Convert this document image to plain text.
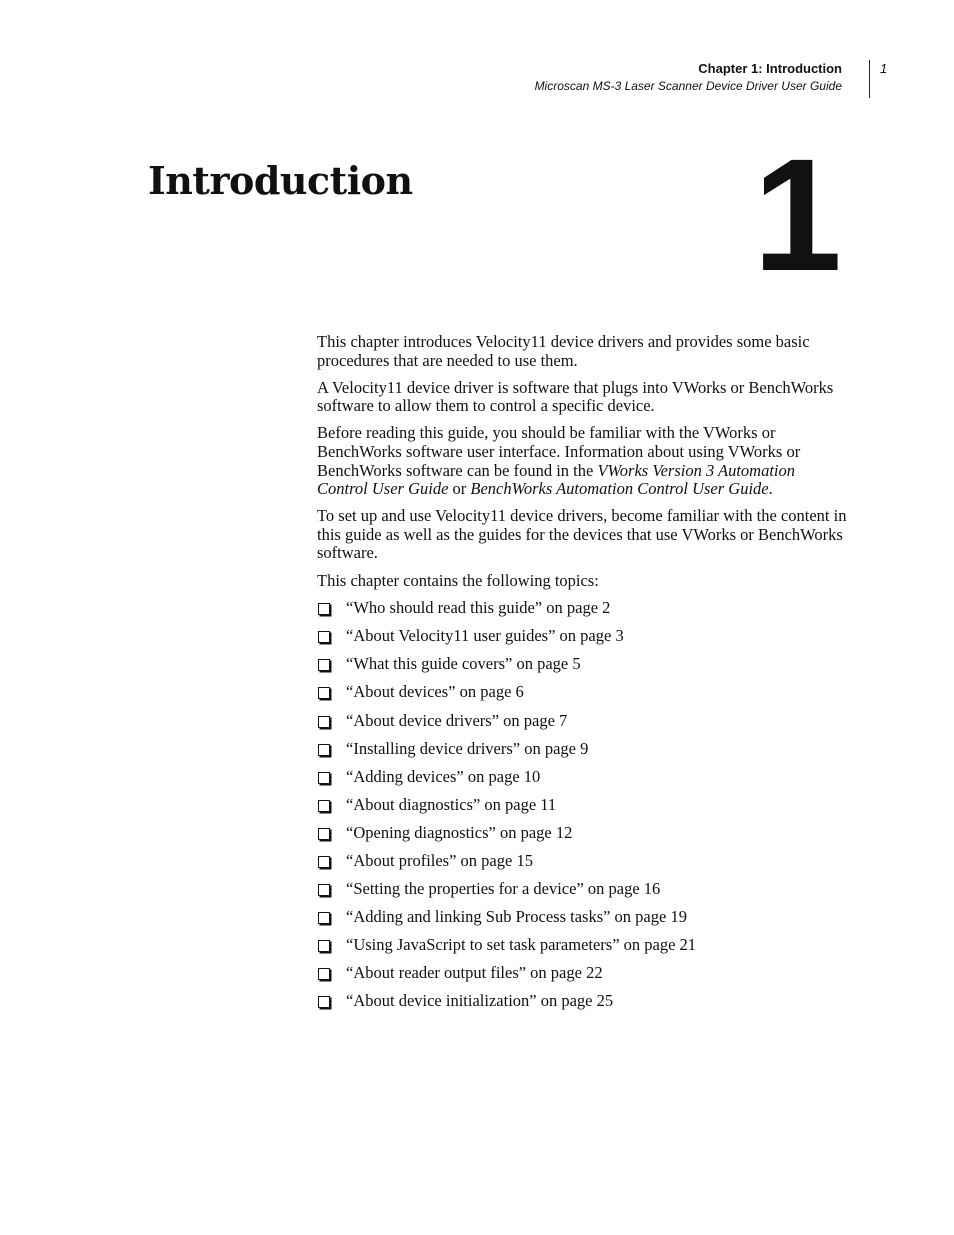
Chapter 1: Introduction
Microscan MS-3 Laser Scanner Device Driver User Guide
1
Introduction 1

This chapter introduces Velocity11 device drivers and provides some basic procedures that are needed to use them.

A Velocity11 device driver is software that plugs into VWorks or BenchWorks software to allow them to control a specific device.

Before reading this guide, you should be familiar with the VWorks or BenchWorks software user interface. Information about using VWorks or BenchWorks software can be found in the VWorks Version 3 Automation Control User Guide or BenchWorks Automation Control User Guide.

To set up and use Velocity11 device drivers, become familiar with the content in this guide as well as the guides for the devices that use VWorks or BenchWorks software.

This chapter contains the following topics:

“Who should read this guide” on page 2
“About Velocity11 user guides” on page 3
“What this guide covers” on page 5
“About devices” on page 6
“About device drivers” on page 7
“Installing device drivers” on page 9
“Adding devices” on page 10
“About diagnostics” on page 11
“Opening diagnostics” on page 12
“About profiles” on page 15
“Setting the properties for a device” on page 16
“Adding and linking Sub Process tasks” on page 19
“Using JavaScript to set task parameters” on page 21
“About reader output files” on page 22
“About device initialization” on page 25
